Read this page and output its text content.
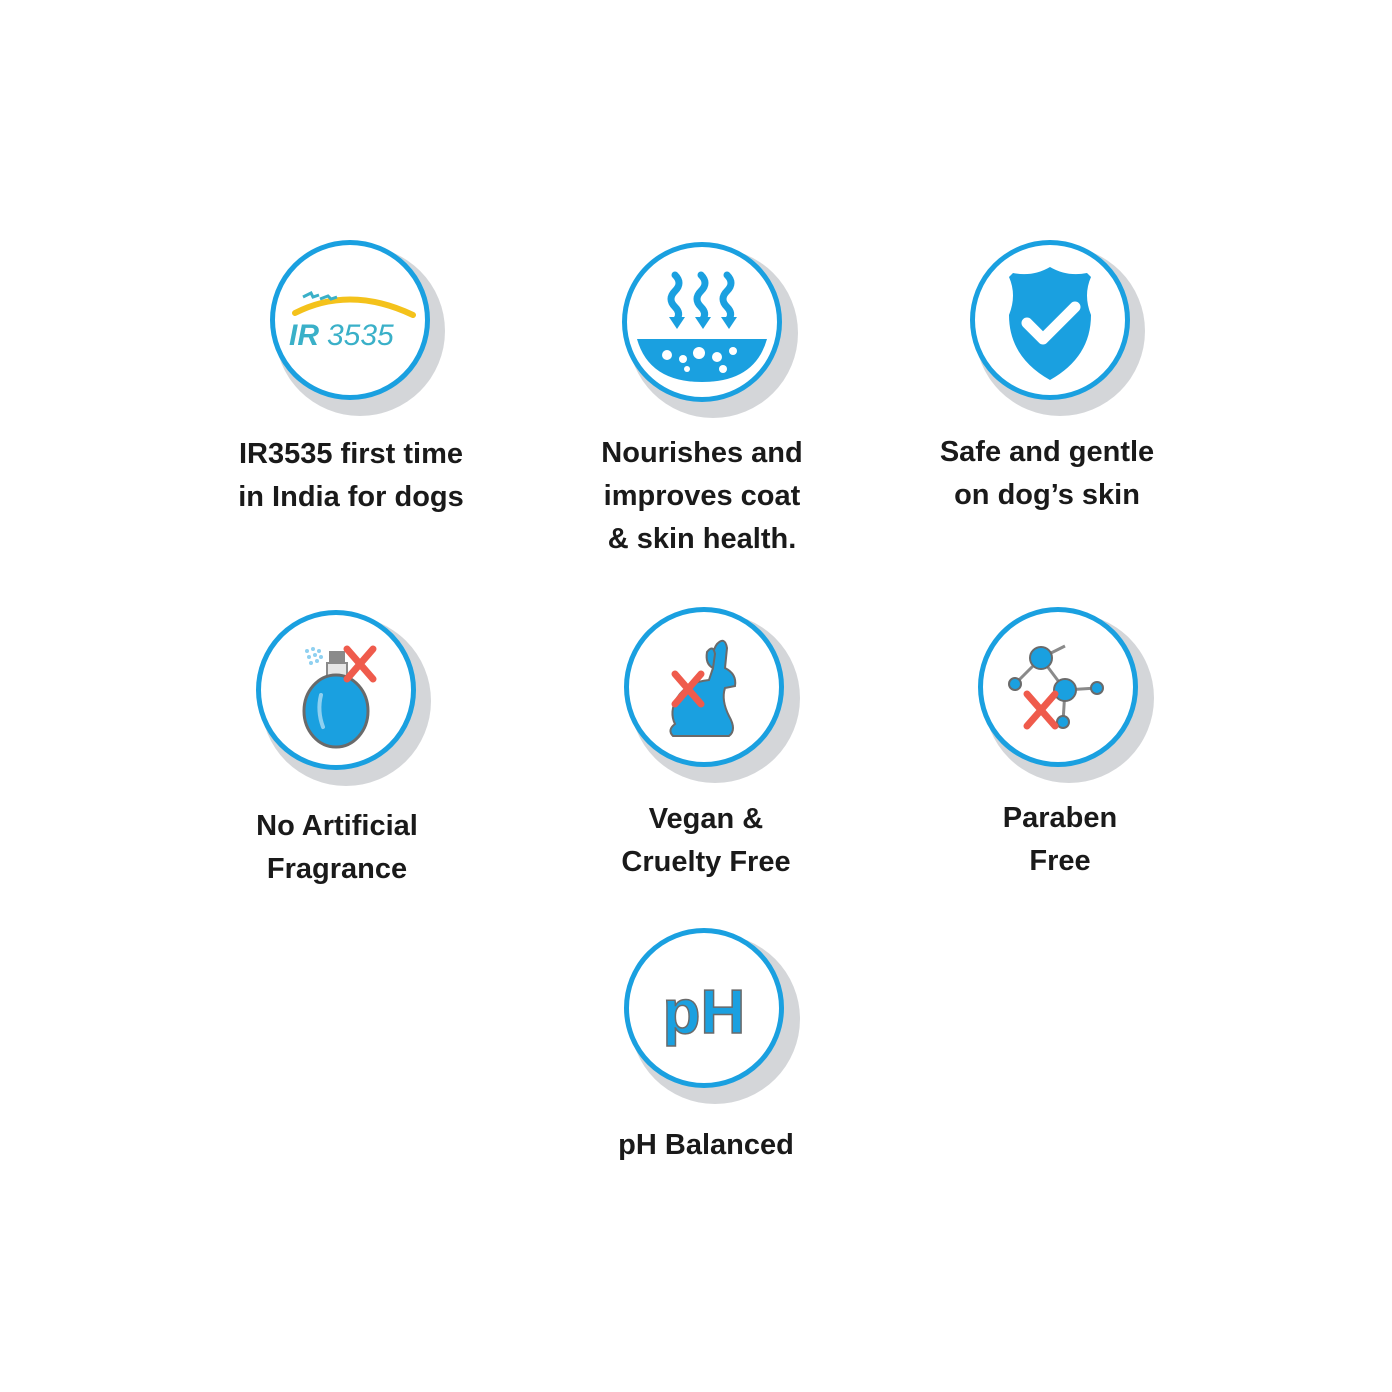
IR 3535
IR3535 first time
in India for dogs
Nourishes and
improves coat
& skin health.
Safe and gentle
on dog’s skin
No Artificial
Fragrance
Vegan &
Cruelty Free
Paraben
Free
pH
pH Balanced
